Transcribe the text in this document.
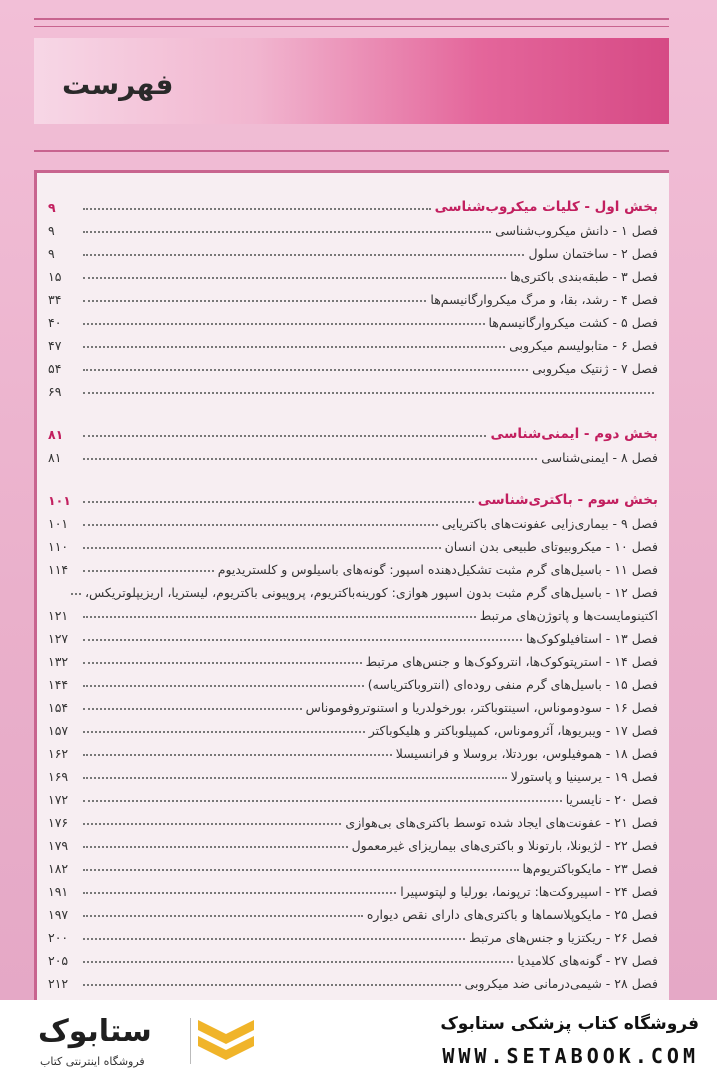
فهرست
بخش اول - کلیات میکروب‌شناسی
۹
فصل ۱ - دانش میکروب‌شناسی
۹
فصل ۲ - ساختمان سلول
۹
فصل ۳ - طبقه‌بندی باکتری‌ها
۱۵
فصل ۴ - رشد، بقا، و مرگ میکروارگانیسم‌ها
۳۴
فصل ۵ - کشت میکروارگانیسم‌ها
۴۰
فصل ۶ - متابولیسم میکروبی
۴۷
فصل ۷ - ژنتیک میکروبی
۵۴
۶۹
بخش دوم - ایمنی‌شناسی
۸۱
فصل ۸ - ایمنی‌شناسی
۸۱
بخش سوم - باکتری‌شناسی
۱۰۱
فصل ۹ - بیماری‌زایی عفونت‌های باکتریایی
۱۰۱
فصل ۱۰ - میکروبیوتای طبیعی بدن انسان
۱۱۰
فصل ۱۱ - باسیل‌های گرم مثبت تشکیل‌دهنده اسپور: گونه‌های باسیلوس و کلستریدیوم
۱۱۴
فصل ۱۲ - باسیل‌های گرم مثبت بدون اسپور هوازی: کورینه‌باکتریوم، پروپیونی باکتریوم، لیستریا، اریزیپلوتریکس،
اکتینومایست‌ها و پاتوژن‌های مرتبط
۱۲۱
فصل ۱۳ - استافیلوکوک‌ها
۱۲۷
فصل ۱۴ - استرپتوکوک‌ها، انتروکوک‌ها و جنس‌های مرتبط
۱۳۲
فصل ۱۵ - باسیل‌های گرم منفی روده‌ای (انتروباکتریاسه)
۱۴۴
فصل ۱۶ - سودوموناس، اسینتوباکتر، بورخولدریا و استنوتروفوموناس
۱۵۴
فصل ۱۷ - ویبریوها، آئروموناس، کمپیلوباکتر و هلیکوباکتر
۱۵۷
فصل ۱۸ - هموفیلوس، بوردتلا، بروسلا و فرانسیسلا
۱۶۲
فصل ۱۹ - یرسینیا و پاستورلا
۱۶۹
فصل ۲۰ - نایسریا
۱۷۲
فصل ۲۱ - عفونت‌های ایجاد شده توسط باکتری‌های بی‌هوازی
۱۷۶
فصل ۲۲ - لژیونلا، بارتونلا و باکتری‌های بیماریزای غیرمعمول
۱۷۹
فصل ۲۳ - مایکوباکتریوم‌ها
۱۸۲
فصل ۲۴ - اسپیروکت‌ها: ترپونما، بورلیا و لپتوسپیرا
۱۹۱
فصل ۲۵ - مایکوپلاسماها و باکتری‌های دارای نقص دیواره
۱۹۷
فصل ۲۶ - ریکتزیا و جنس‌های مرتبط
۲۰۰
فصل ۲۷ - گونه‌های کلامیدیا
۲۰۵
فصل ۲۸ - شیمی‌درمانی ضد میکروبی
۲۱۲
ستابوک
فروشگاه اینترنتی کتاب
فروشگاه کتاب پزشکی ستابوک
WWW.SETABOOK.COM
